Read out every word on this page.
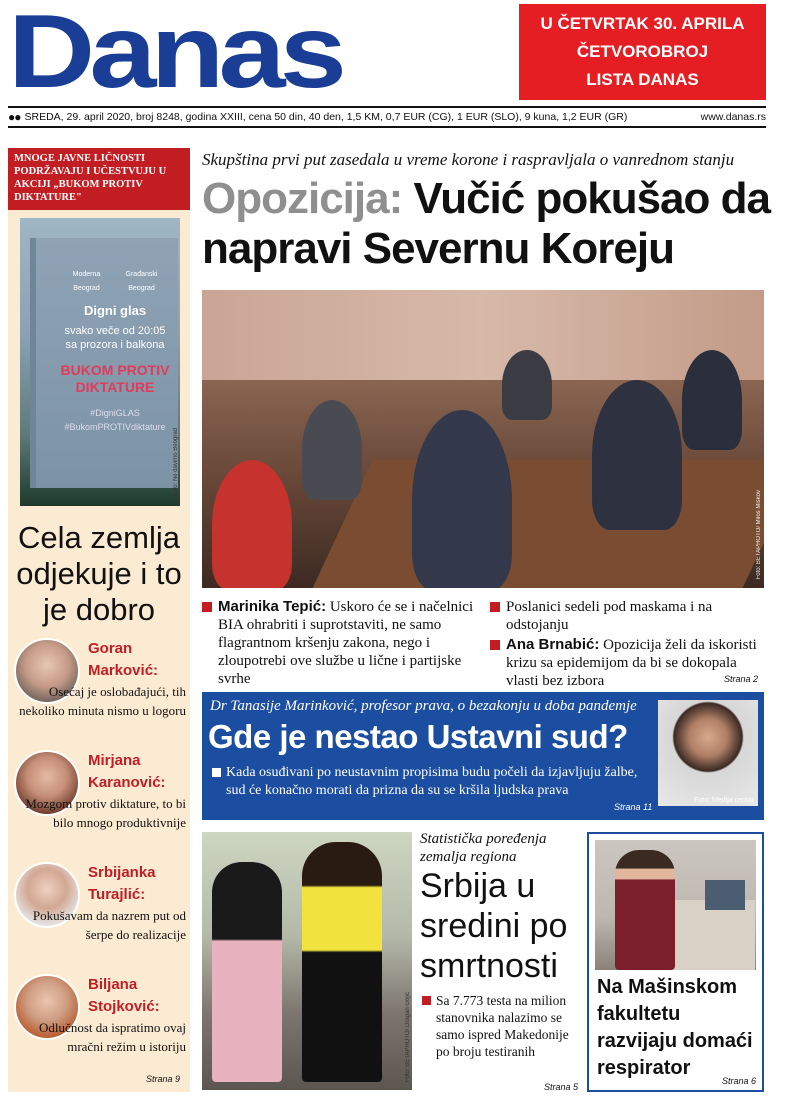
Danas	U ČETVRTAK 30. APRILA
ČETVOROBROJ
LISTA DANAS
●● SREDA, 29. april 2020, broj 8248, godina XXIII, cena 50 din, 40 den, 1,5 KM, 0,7 EUR (CG), 1 EUR (SLO), 9 kuna, 1,2 EUR (GR)	www.danas.rs
MNOGE JAVNE LIČNOSTI PODRŽAVAJU I UČESTVUJU U AKCIJI „BUKOM PROTIV DIKTATURE"
Moderna Beograd
Građanski Beograd
Digni glas
svako veče od 20:05
sa prozora i balkona
BUKOM PROTIV DIKTATURE
#DigniGLAS #BukomPROTIVdiktature
Foto: Ne davimo Beograd
Cela zemlja odjekuje i to je dobro
Goran Marković:
Osećaj je oslobađajući, tih nekoliko minuta nismo u logoru
Mirjana Karanović:
Mozgom protiv diktature, to bi bilo mnogo produktivnije
Srbijanka Turajlić:
Pokušavam da nazrem put od šerpe do realizacije
Biljana Stojković:
Odlučnost da ispratimo ovaj mračni režim u istoriju
Strana 9
Skupština prvi put zasedala u vreme korone i raspravljala o vanrednom stanju
Opozicija: Vučić pokušao da napravi Severnu Koreju
Foto: BETAPHOTO/ Milos Miskov
Marinika Tepić: Uskoro će se i načelnici BIA ohrabriti i suprotstaviti, ne samo flagrantnom kršenju zakona, nego i zloupotrebi ove službe u lične i partijske svrhe
Poslanici sedeli pod maskama i na odstojanju
Ana Brnabić: Opozicija želi da iskoristi krizu sa epidemijom da bi se dokopala vlasti bez izbora	Strana 2
Dr Tanasije Marinković, profesor prava, o bezakonju u doba pandemje
Gde je nestao Ustavni sud?
Kada osuđivani po neustavnim propisima budu počeli da izjavljuju žalbe, sud će konačno morati da prizna da su se kršila ljudska prava
Strana 11
Foto: Medija centar
Foto: BETAPHOTO/ Dragan Gojić
Statistička poređenja zemalja regiona
Srbija u sredini po smrtnosti
Sa 7.773 testa na milion stanovnika nalazimo se samo ispred Makedonije po broju testiranih
Strana 5
Na Mašinskom fakultetu razvijaju domaći respirator
Strana 6
